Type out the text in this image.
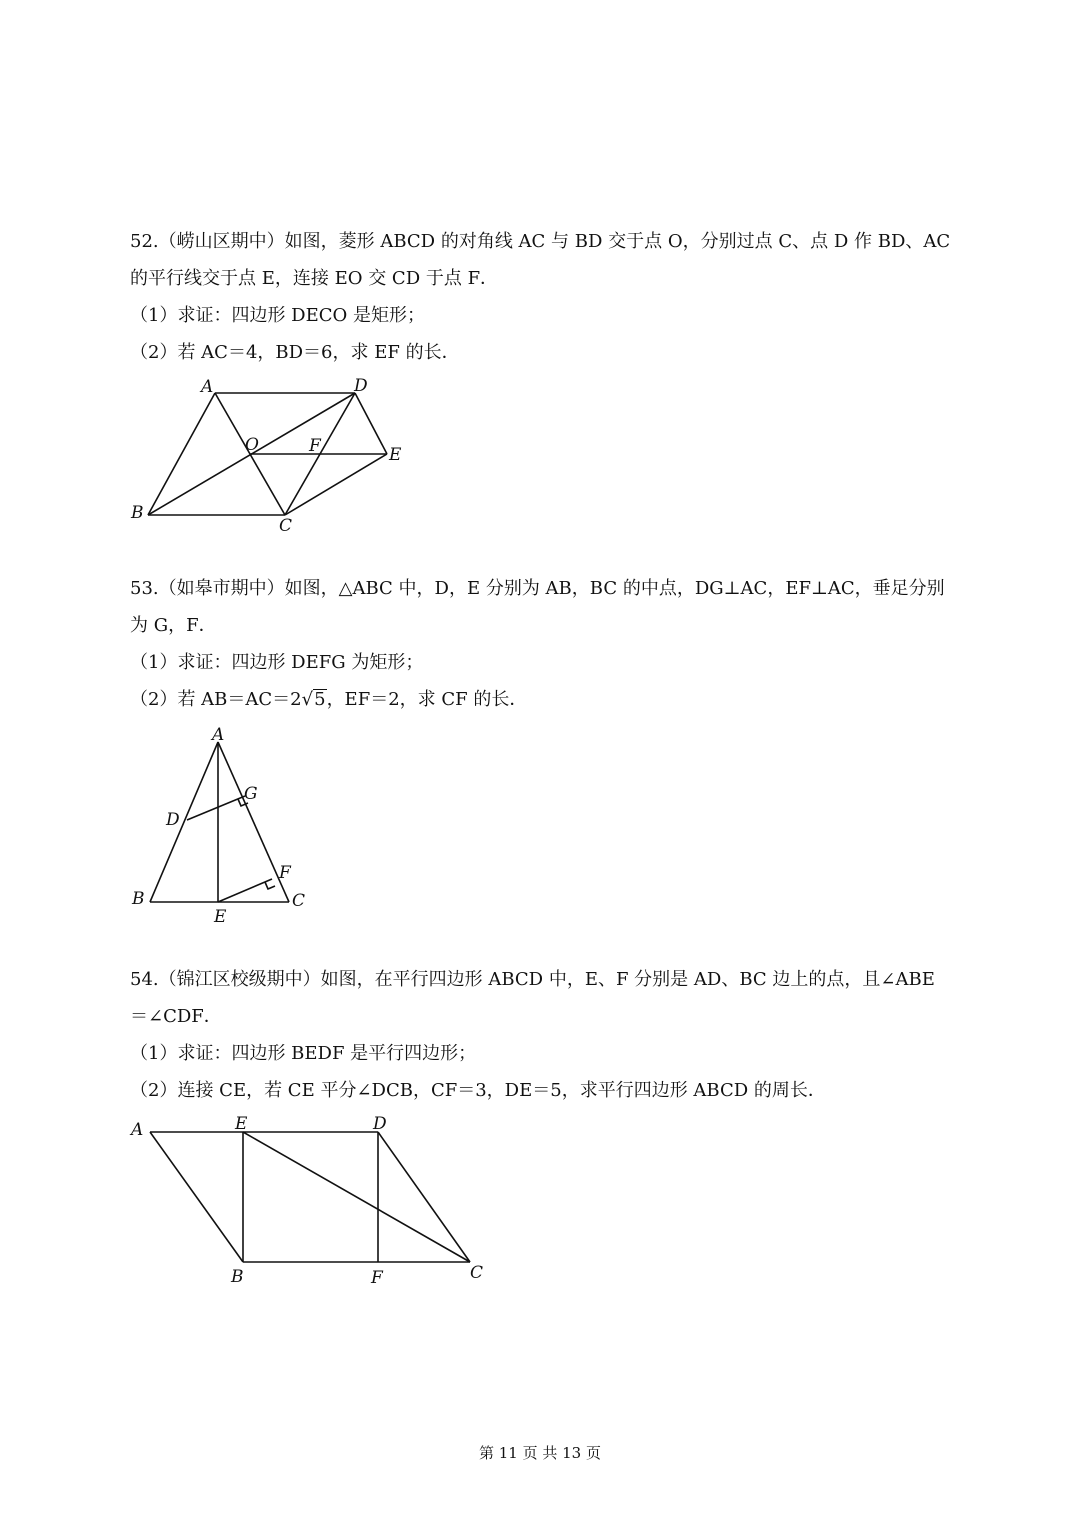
52.（崂山区期中）如图，菱形 ABCD 的对角线 AC 与 BD 交于点 O，分别过点 C、点 D 作 BD、AC
的平行线交于点 E，连接 EO 交 CD 于点 F．
（1）求证：四边形 DECO 是矩形；
（2）若 AC＝4，BD＝6，求 EF 的长．
A	D
O	F	E
B
C
53.（如皋市期中）如图，△ABC 中，D，E 分别为 AB，BC 的中点，DG⊥AC，EF⊥AC，垂足分别
为 G，F．
（1）求证：四边形 DEFG 为矩形；
（2）若 AB＝AC＝2√5，EF＝2，求 CF 的长．
A
G
D
F
B
E
C
54.（锦江区校级期中）如图，在平行四边形 ABCD 中，E、F 分别是 AD、BC 边上的点，且∠ABE
＝∠CDF．
（1）求证：四边形 BEDF 是平行四边形；
（2）连接 CE，若 CE 平分∠DCB，CF＝3，DE＝5，求平行四边形 ABCD 的周长．
A	E	D
B	F	C
第 11 页 共 13 页
